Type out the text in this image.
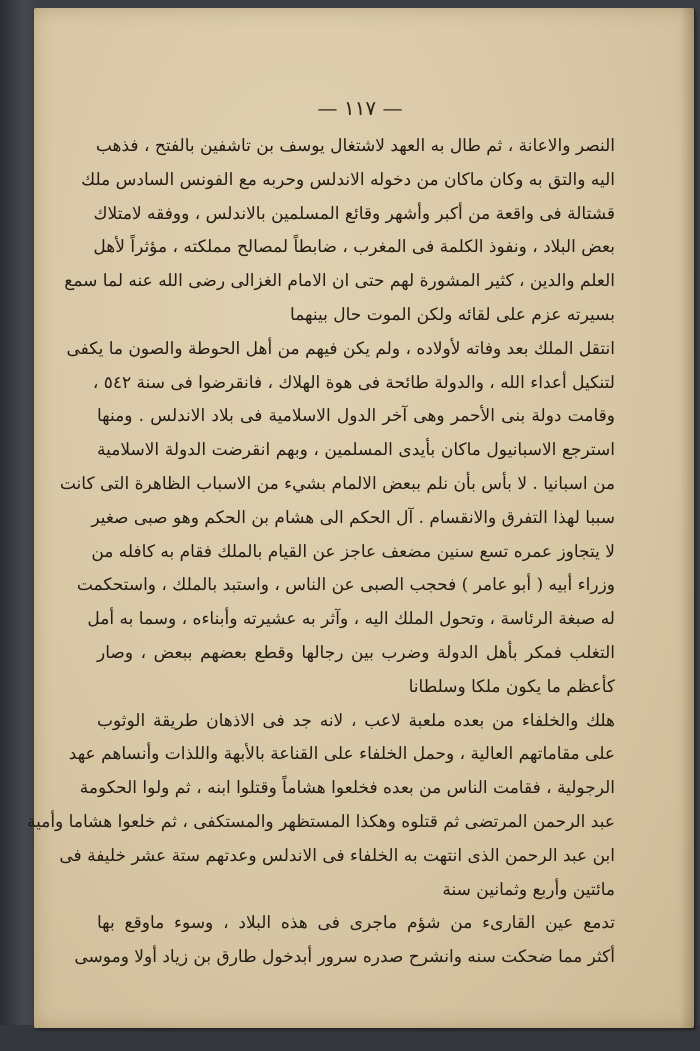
— ١١٧ —
النصر والاعانة ، ثم طال به العهد لاشتغال يوسف بن تاشفين بالفتح ، فذهب
اليه والتق به وكان ماكان من دخوله الاندلس وحربه مع الفونس السادس ملك
قشتالة فى واقعة من أكبر وأشهر وقائع المسلمين بالاندلس ، ووفقه لامتلاك
بعض البلاد ، ونفوذ الكلمة فى المغرب ، ضابطاً لمصالح مملكته ، مؤثراً لأهل
العلم والدين ، كثير المشورة لهم حتى ان الامام الغزالى رضى الله عنه لما سمع
بسيرته عزم على لقائه ولكن الموت حال بينهما
انتقل الملك بعد وفاته لأولاده ، ولم يكن فيهم من أهل الحوطة والصون ما يكفى
لتنكيل أعداء الله ، والدولة طائحة فى هوة الهلاك ، فانقرضوا فى سنة ٥٤٢ ،
وقامت دولة بنى الأحمر وهى آخر الدول الاسلامية فى بلاد الاندلس . ومنها
استرجع الاسبانيول ماكان بأيدى المسلمين ، وبهم انقرضت الدولة الاسلامية
من اسبانيا . لا بأس بأن نلم ببعض الالمام بشيء من الاسباب الظاهرة التى كانت
سببا لهذا التفرق والانقسام . آل الحكم الى هشام بن الحكم وهو صبى صغير
لا يتجاوز عمره تسع سنين مضعف عاجز عن القيام بالملك فقام به كافله من
وزراء أبيه ( أبو عامر ) فحجب الصبى عن الناس ، واستبد بالملك ، واستحكمت
له صبغة الرئاسة ، وتحول الملك اليه ، وآثر به عشيرته وأبناءه ، وسما به أمل
التغلب فمكر بأهل الدولة وضرب بين رجالها وقطع بعضهم ببعض ، وصار
كأعظم ما يكون ملكا وسلطانا
هلك والخلفاء من بعده ملعبة لاعب ، لانه جد فى الاذهان طريقة الوثوب
على مقاماتهم العالية ، وحمل الخلفاء على القناعة بالأبهة واللذات وأنساهم عهد
الرجولية ، فقامت الناس من بعده فخلعوا هشاماً وقتلوا ابنه ، ثم ولوا الحكومة
عبد الرحمن المرتضى ثم قتلوه وهكذا المستظهر والمستكفى ، ثم خلعوا هشاما وأمية
ابن عبد الرحمن الذى انتهت به الخلفاء فى الاندلس وعدتهم ستة عشر خليفة فى
مائتين وأربع وثمانين سنة
تدمع عين القارىء من شؤم ماجرى فى هذه البلاد ، وسوء ماوقع بها
أكثر مما ضحكت سنه وانشرح صدره سرور أبدخول طارق بن زياد أولا وموسى
